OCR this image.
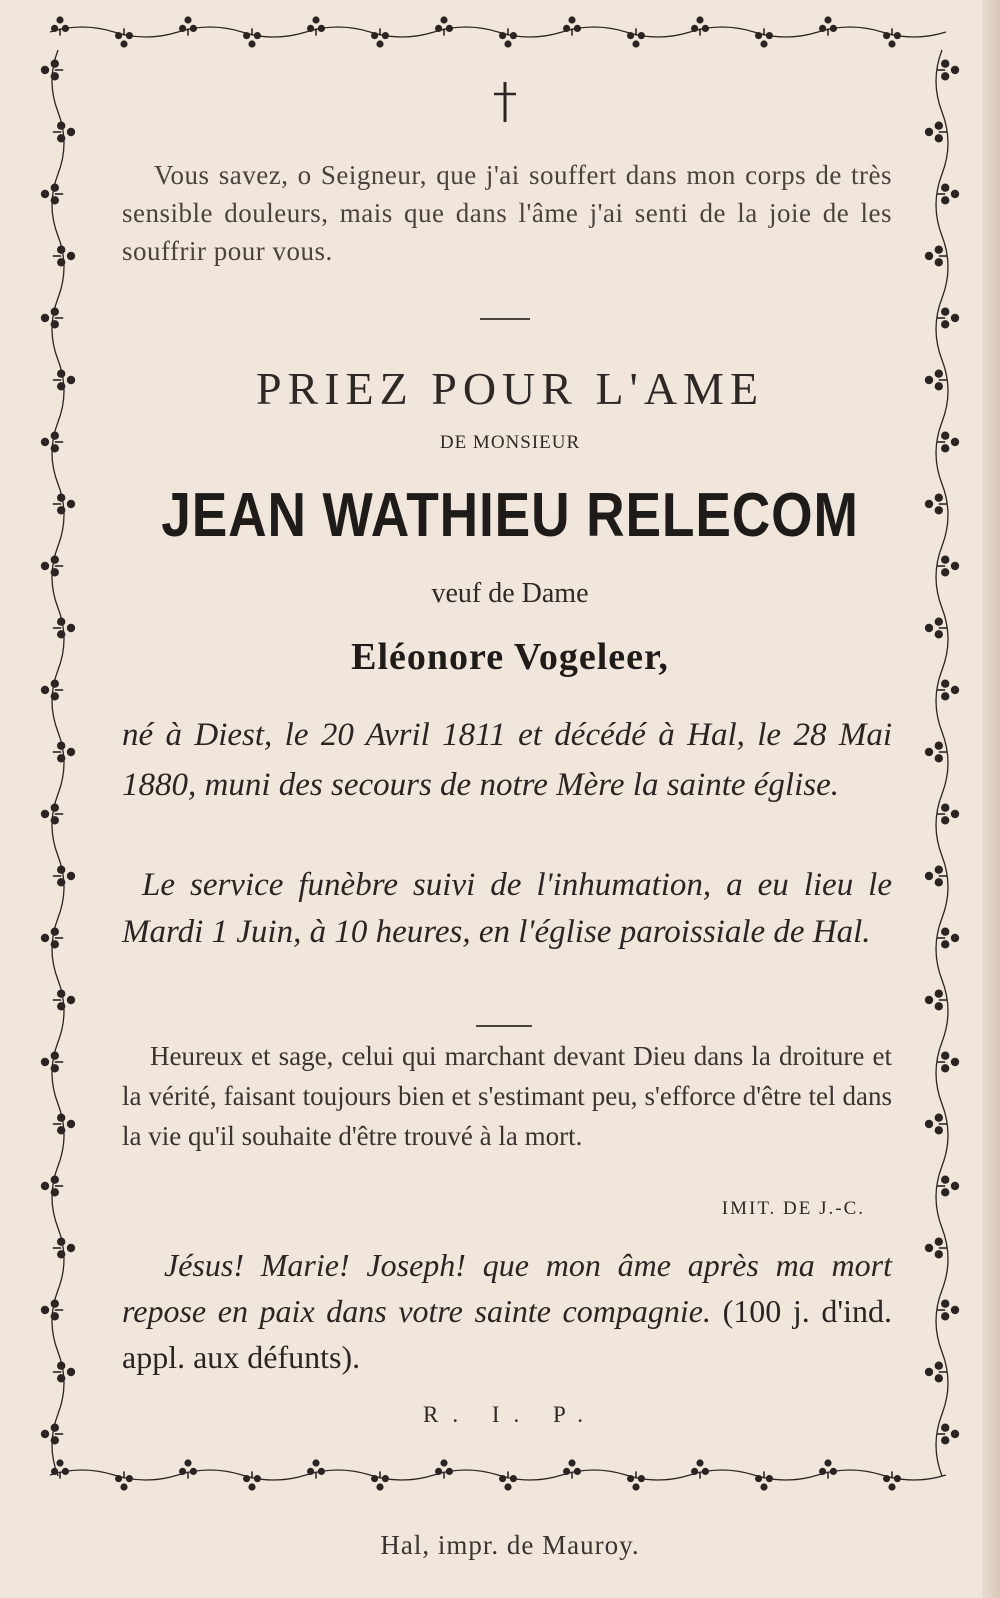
Vous savez, o Seigneur, que j'ai souffert dans mon corps de très sensible douleurs, mais que dans l'âme j'ai senti de la joie de les souffrir pour vous.
PRIEZ POUR L'AME
DE MONSIEUR
JEAN WATHIEU RELECOM
veuf de Dame
Eléonore Vogeleer,
né à Diest, le 20 Avril 1811 et décédé à Hal, le 28 Mai 1880, muni des secours de notre Mère la sainte église.
Le service funèbre suivi de l'inhumation, a eu lieu le Mardi 1 Juin, à 10 heures, en l'église paroissiale de Hal.
Heureux et sage, celui qui marchant devant Dieu dans la droiture et la vérité, faisant toujours bien et s'estimant peu, s'efforce d'être tel dans la vie qu'il souhaite d'être trouvé à la mort.
IMIT. DE J.-C.
Jésus! Marie! Joseph! que mon âme après ma mort repose en paix dans votre sainte compagnie. (100 j. d'ind. appl. aux défunts).
R. I. P.
Hal, impr. de Mauroy.
